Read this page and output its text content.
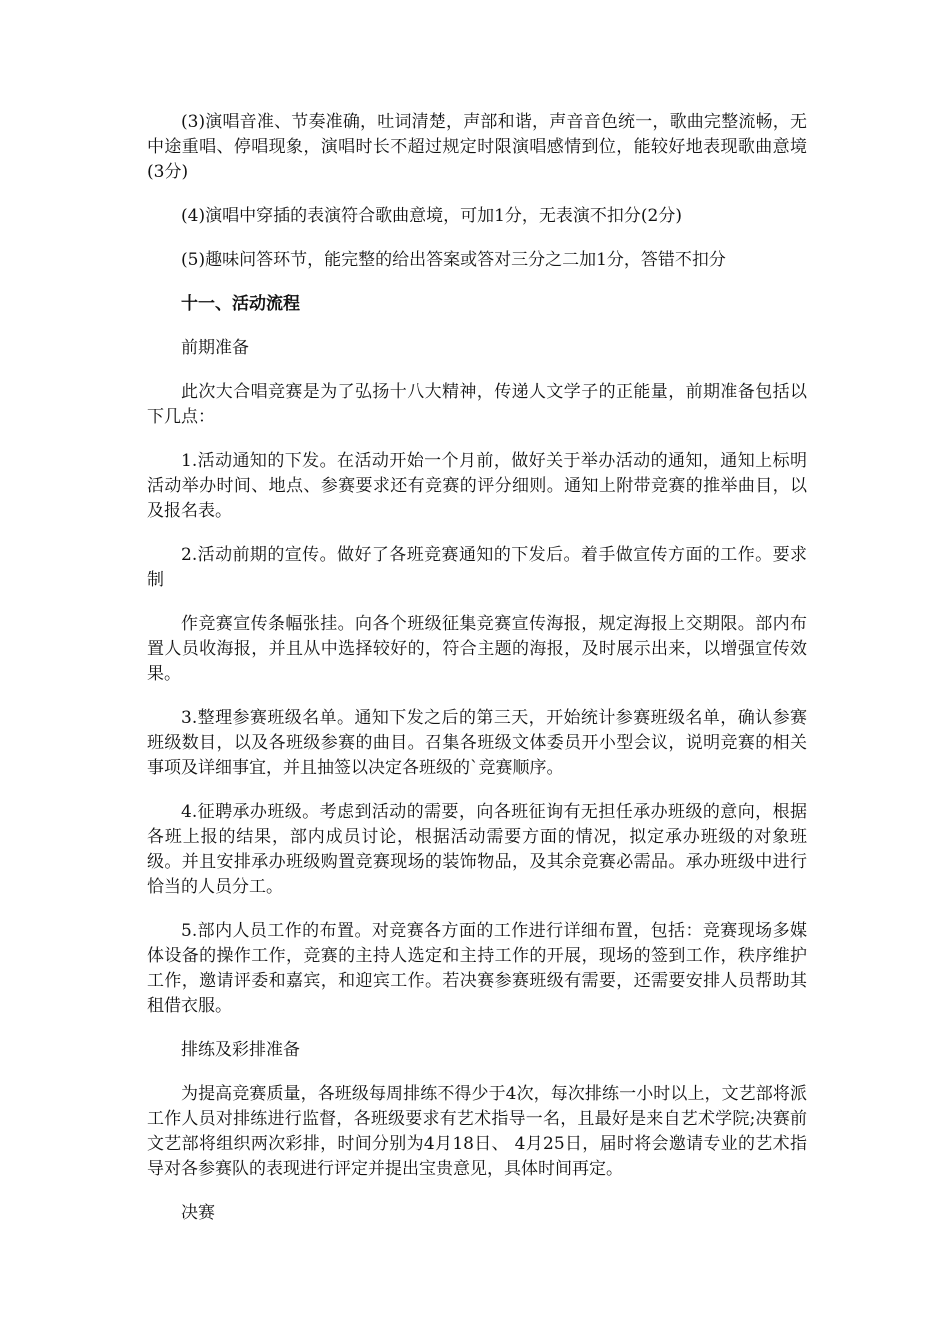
(3)演唱音准、节奏准确，吐词清楚，声部和谐，声音音色统一，歌曲完整流畅，无中途重唱、停唱现象，演唱时长不超过规定时限演唱感情到位，能较好地表现歌曲意境(3分)

(4)演唱中穿插的表演符合歌曲意境，可加1分，无表演不扣分(2分)

(5)趣味问答环节，能完整的给出答案或答对三分之二加1分，答错不扣分

十一、活动流程

前期准备

此次大合唱竞赛是为了弘扬十八大精神，传递人文学子的正能量，前期准备包括以下几点：

1.活动通知的下发。在活动开始一个月前，做好关于举办活动的通知，通知上标明活动举办时间、地点、参赛要求还有竞赛的评分细则。通知上附带竞赛的推举曲目，以及报名表。

2.活动前期的宣传。做好了各班竞赛通知的下发后。着手做宣传方面的工作。要求制

作竞赛宣传条幅张挂。向各个班级征集竞赛宣传海报，规定海报上交期限。部内布置人员收海报，并且从中选择较好的，符合主题的海报，及时展示出来，以增强宣传效果。

3.整理参赛班级名单。通知下发之后的第三天，开始统计参赛班级名单，确认参赛班级数目，以及各班级参赛的曲目。召集各班级文体委员开小型会议，说明竞赛的相关事项及详细事宜，并且抽签以决定各班级的`竞赛顺序。

4.征聘承办班级。考虑到活动的需要，向各班征询有无担任承办班级的意向，根据各班上报的结果，部内成员讨论，根据活动需要方面的情况，拟定承办班级的对象班级。并且安排承办班级购置竞赛现场的装饰物品，及其余竞赛必需品。承办班级中进行恰当的人员分工。

5.部内人员工作的布置。对竞赛各方面的工作进行详细布置，包括：竞赛现场多媒体设备的操作工作，竞赛的主持人选定和主持工作的开展，现场的签到工作，秩序维护工作，邀请评委和嘉宾，和迎宾工作。若决赛参赛班级有需要，还需要安排人员帮助其租借衣服。

排练及彩排准备

为提高竞赛质量，各班级每周排练不得少于4次，每次排练一小时以上，文艺部将派工作人员对排练进行监督，各班级要求有艺术指导一名，且最好是来自艺术学院;决赛前文艺部将组织两次彩排，时间分别为4月18日、 4月25日，届时将会邀请专业的艺术指导对各参赛队的表现进行评定并提出宝贵意见，具体时间再定。

决赛
